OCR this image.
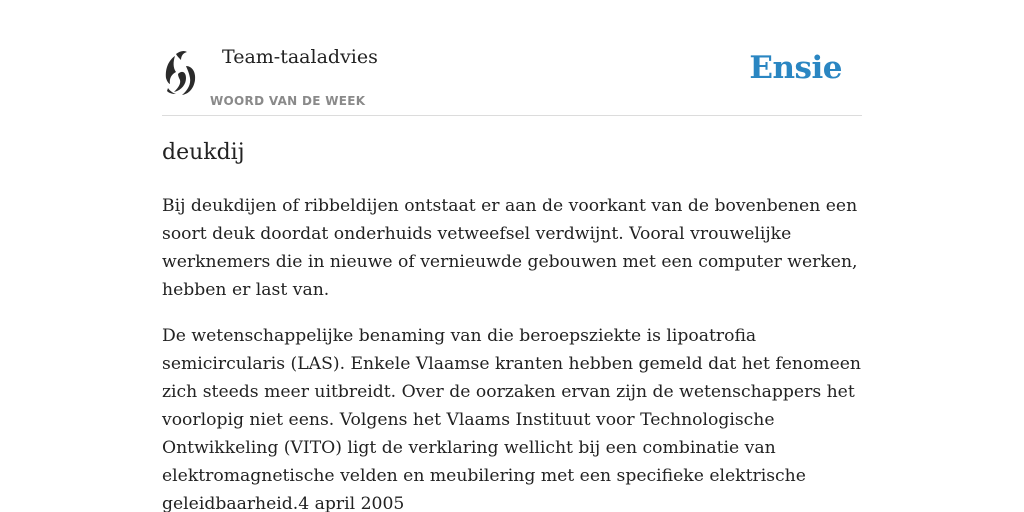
Team-taaladvies
WOORD VAN DE WEEK
Ensie
deukdij

Bij deukdijen of ribbeldijen ontstaat er aan de voorkant van de bovenbenen een soort deuk doordat onderhuids vetweefsel verdwijnt. Vooral vrouwelijke werknemers die in nieuwe of vernieuwde gebouwen met een computer werken, hebben er last van.

De wetenschappelijke benaming van die beroepsziekte is lipoatrofia semicircularis (LAS). Enkele Vlaamse kranten hebben gemeld dat het fenomeen zich steeds meer uitbreidt. Over de oorzaken ervan zijn de wetenschappers het voorlopig niet eens. Volgens het Vlaams Instituut voor Technologische Ontwikkeling (VITO) ligt de verklaring wellicht bij een combinatie van elektromagnetische velden en meubilering met een specifieke elektrische geleidbaarheid.4 april 2005
